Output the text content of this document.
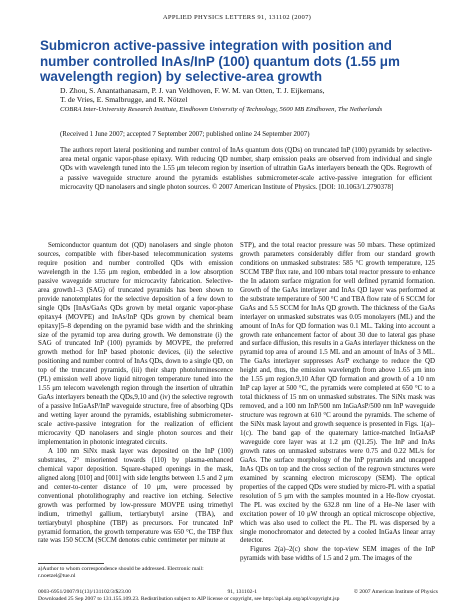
APPLIED PHYSICS LETTERS 91, 131102 (2007)
Submicron active-passive integration with position and number controlled InAs/InP (100) quantum dots (1.55 μm wavelength region) by selective-area growth
D. Zhou, S. Anantathanasarn, P. J. van Veldhoven, F. W. M. van Otten, T. J. Eijkemans,
T. de Vries, E. Smalbrugge, and R. Nötzel
COBRA Inter-University Research Institute, Eindhoven University of Technology, 5600 MB Eindhoven, The Netherlands
(Received 1 June 2007; accepted 7 September 2007; published online 24 September 2007)

The authors report lateral positioning and number control of InAs quantum dots (QDs) on truncated InP (100) pyramids by selective-area metal organic vapor-phase epitaxy. With reducing QD number, sharp emission peaks are observed from individual and single QDs with wavelength tuned into the 1.55 μm telecom region by insertion of ultrathin GaAs interlayers beneath the QDs. Regrowth of a passive waveguide structure around the pyramids establishes submicrometer-scale active-passive integration for efficient microcavity QD nanolasers and single photon sources. © 2007 American Institute of Physics. [DOI: 10.1063/1.2790378]

Semiconductor quantum dot (QD) nanolasers and single photon sources, compatible with fiber-based telecommunication systems require position and number controlled QDs with emission wavelength in the 1.55 μm region, embedded in a low absorption passive waveguide structure for microcavity fabrication. Selective-area growth1–3 (SAG) of truncated pyramids has been shown to provide nanotemplates for the selective deposition of a few down to single QDs [InAs/GaAs QDs grown by metal organic vapor-phase epitaxy4 (MOVPE) and InAs/InP QDs grown by chemical beam epitaxy]5–8 depending on the pyramid base width and the shrinking size of the pyramid top area during growth. We demonstrate (i) the SAG of truncated InP (100) pyramids by MOVPE, the preferred growth method for InP based photonic devices, (ii) the selective positioning and number control of InAs QDs, down to a single QD, on top of the truncated pyramids, (iii) their sharp photoluminescence (PL) emission well above liquid nitrogen temperature tuned into the 1.55 μm telecom wavelength region through the insertion of ultrathin GaAs interlayers beneath the QDs,9,10 and (iv) the selective regrowth of a passive InGaAsP/InP waveguide structure, free of absorbing QDs and wetting layer around the pyramids, establishing submicrometer-scale active-passive integration for the realization of efficient microcavity QD nanolasers and single photon sources and their implementation in photonic integrated circuits.

A 100 nm SiNx mask layer was deposited on the InP (100) substrates, 2° misoriented towards (110) by plasma-enhanced chemical vapor deposition. Square-shaped openings in the mask, aligned along [010] and [001] with side lengths between 1.5 and 2 μm and center-to-center distance of 10 μm, were processed by conventional photolithography and reactive ion etching. Selective growth was performed by low-pressure MOVPE using trimethyl indium, trimethyl gallium, tertiarybutyl arsine (TBA), and tertiarybutyl phosphine (TBP) as precursors. For truncated InP pyramid formation, the growth temperature was 650 °C, the TBP flux rate was 150 SCCM (SCCM denotes cubic centimeter per minute at

STP), and the total reactor pressure was 50 mbars. These optimized growth parameters considerably differ from our standard growth conditions on unmasked substrates: 585 °C growth temperature, 125 SCCM TBP flux rate, and 100 mbars total reactor pressure to enhance the In adatom surface migration for well defined pyramid formation. Growth of the GaAs interlayer and InAs QD layer was performed at the substrate temperature of 500 °C and TBA flow rate of 6 SCCM for GaAs and 5.5 SCCM for InAs QD growth. The thickness of the GaAs interlayer on unmasked substrates was 0.05 monolayers (ML) and the amount of InAs for QD formation was 0.1 ML. Taking into account a growth rate enhancement factor of about 30 due to lateral gas phase and surface diffusion, this results in a GaAs interlayer thickness on the pyramid top area of around 1.5 ML and an amount of InAs of 3 ML. The GaAs interlayer suppresses As/P exchange to reduce the QD height and, thus, the emission wavelength from above 1.65 μm into the 1.55 μm region.9,10 After QD formation and growth of a 10 nm InP cap layer at 500 °C, the pyramids were completed at 650 °C to a total thickness of 15 nm on unmasked substrates. The SiNx mask was removed, and a 100 nm InP/500 nm InGaAsP/500 nm InP waveguide structure was regrown at 610 °C around the pyramids. The scheme of the SiNx mask layout and growth sequence is presented in Figs. 1(a)–1(c). The band gap of the quaternary lattice-matched InGaAsP waveguide core layer was at 1.2 μm (Q1.25). The InP and InAs growth rates on unmasked substrates were 0.75 and 0.22 ML/s for GaAs. The surface morphology of the InP pyramids and uncapped InAs QDs on top and the cross section of the regrown structures were examined by scanning electron microscopy (SEM). The optical properties of the capped QDs were studied by micro-PL with a spatial resolution of 5 μm with the samples mounted in a He-flow cryostat. The PL was excited by the 632.8 nm line of a He–Ne laser with excitation power of 10 μW through an optical microscope objective, which was also used to collect the PL. The PL was dispersed by a single monochromator and detected by a cooled InGaAs linear array detector.

Figures 2(a)–2(c) show the top-view SEM images of the InP pyramids with base widths of 1.5 and 2 μm. The images of the

a)Author to whom correspondence should be addressed. Electronic mail: r.noetzel@tue.nl
0003-6951/2007/91(13)/131102/3/$23.00	91, 131102-1	© 2007 American Institute of Physics
Downloaded 25 Sep 2007 to 131.155.109.23. Redistribution subject to AIP license or copyright, see http://apl.aip.org/apl/copyright.jsp
